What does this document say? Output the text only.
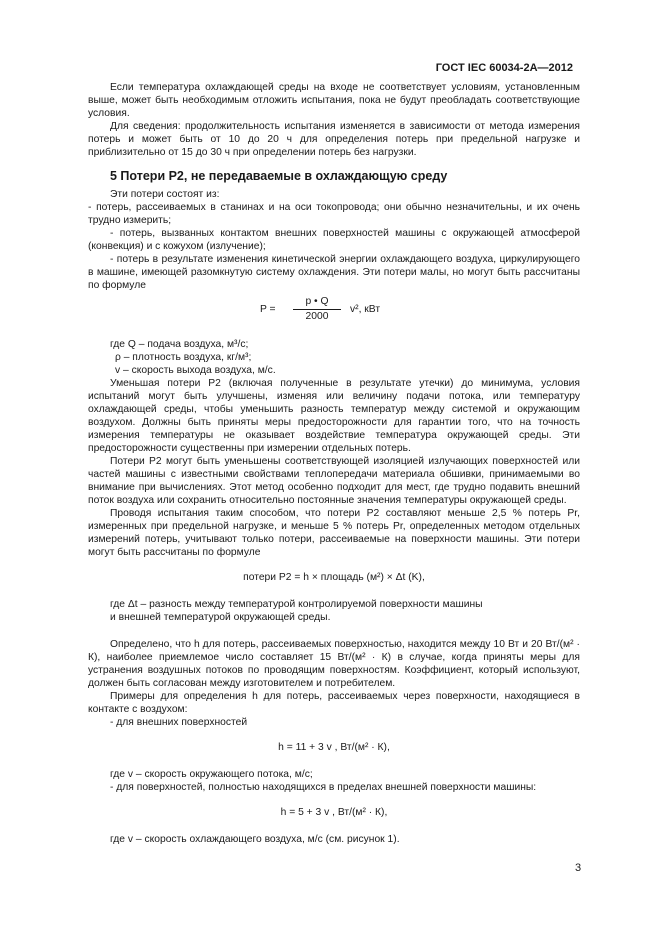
ГОСТ IEC 60034-2A—2012

Если температура охлаждающей среды на входе не соответствует условиям, установленным выше, может быть необходимым отложить испытания, пока не будут преобладать соответствующие условия.

Для сведения: продолжительность испытания изменяется в зависимости от метода измерения потерь и может быть от 10 до 20 ч для определения потерь при предельной нагрузке и приблизительно от 15 до 30 ч при определении потерь без нагрузки.

5 Потери P2, не передаваемые в охлаждающую среду

Эти потери состоят из:

- потерь, рассеиваемых в станинах и на оси токопровода; они обычно незначительны, и их очень трудно измерить;

- потерь, вызванных контактом внешних поверхностей машины с окружающей атмосферой (конвекция) и с кожухом (излучение);

- потерь в результате изменения кинетической энергии охлаждающего воздуха, циркулирующего в машине, имеющей разомкнутую систему охлаждения. Эти потери малы, но могут быть рассчитаны по формуле

$P = \frac{p • Q}{2000} v^2$, кВт

где Q – подача воздуха, м³/с;

ρ – плотность воздуха, кг/м³;

v – скорость выхода воздуха, м/с.

Уменьшая потери P2 (включая полученные в результате утечки) до минимума, условия испытаний могут быть улучшены, изменяя или величину подачи потока, или температуру охлаждающей среды, чтобы уменьшить разность температур между системой и окружающим воздухом. Должны быть приняты меры предосторожности для гарантии того, что на точность измерения температуры не оказывает воздействие температура окружающей среды. Эти предосторожности существенны при измерении отдельных потерь.

Потери P2 могут быть уменьшены соответствующей изоляцией излучающих поверхностей или частей машины с известными свойствами теплопередачи материала обшивки, принимаемыми во внимание при вычислениях. Этот метод особенно подходит для мест, где трудно подавить внешний поток воздуха или сохранить относительно постоянные значения температуры окружающей среды.

Проводя испытания таким способом, что потери P2 составляют меньше 2,5 % потерь Pr, измеренных при предельной нагрузке, и меньше 5 % потерь Pr, определенных методом отдельных измерений потерь, учитывают только потери, рассеиваемые на поверхности машины. Эти потери могут быть рассчитаны по формуле

потери P2 = h × площадь (м²) × Δt (K),

где Δt – разность между температурой контролируемой поверхности машины

и внешней температурой окружающей среды.

Определено, что h для потерь, рассеиваемых поверхностью, находится между 10 Вт и 20 Вт/(м² · К), наиболее приемлемое число составляет 15 Вт/(м² · К) в случае, когда приняты меры для устранения воздушных потоков по проводящим поверхностям. Коэффициент, который используют, должен быть согласован между изготовителем и потребителем.

Примеры для определения h для потерь, рассеиваемых через поверхности, находящиеся в контакте с воздухом:

- для внешних поверхностей

h = 11 + 3 v , Вт/(м² · К),

где v – скорость окружающего потока, м/с;

- для поверхностей, полностью находящихся в пределах внешней поверхности машины:

h = 5 + 3 v , Вт/(м² · К),

где v – скорость охлаждающего воздуха, м/с (см. рисунок 1).

3
